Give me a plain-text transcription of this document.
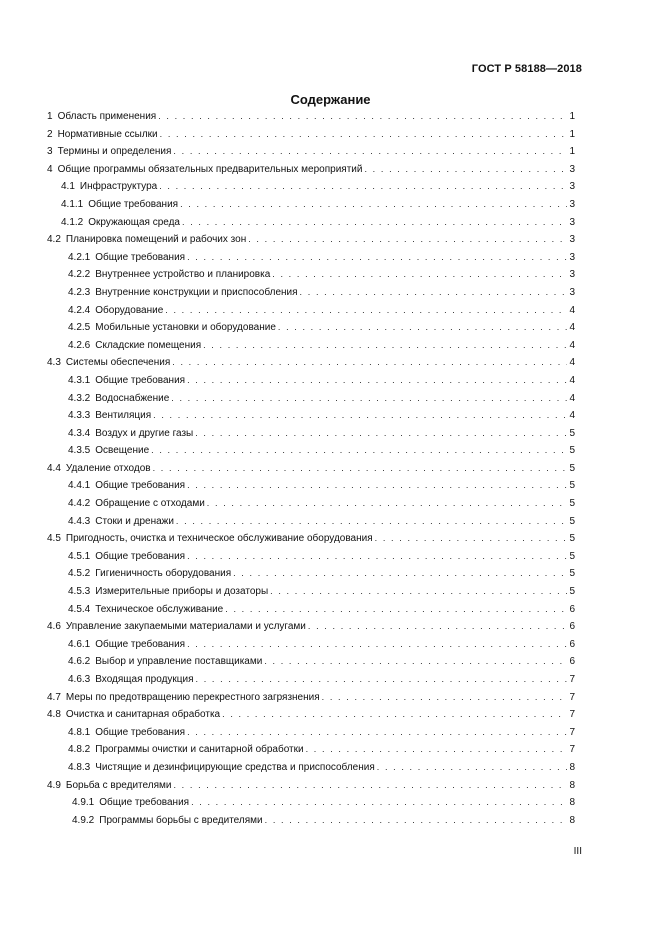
ГОСТ Р 58188—2018
Содержание
1 Область применения . . .	1
2 Нормативные ссылки . . .	1
3 Термины и определения . . .	1
4 Общие программы обязательных предварительных мероприятий . . .	3
4.1 Инфраструктура . . .	3
4.1.1 Общие требования . . .	3
4.1.2 Окружающая среда . . .	3
4.2 Планировка помещений и рабочих зон . . .	3
4.2.1 Общие требования . . .	3
4.2.2 Внутреннее устройство и планировка . . .	3
4.2.3 Внутренние конструкции и приспособления . . .	3
4.2.4 Оборудование . . .	4
4.2.5 Мобильные установки и оборудование . . .	4
4.2.6 Складские помещения . . .	4
4.3 Системы обеспечения . . .	4
4.3.1 Общие требования . . .	4
4.3.2 Водоснабжение . . .	4
4.3.3 Вентиляция . . .	4
4.3.4 Воздух и другие газы . . .	5
4.3.5 Освещение . . .	5
4.4 Удаление отходов . . .	5
4.4.1 Общие требования . . .	5
4.4.2 Обращение с отходами . . .	5
4.4.3 Стоки и дренажи . . .	5
4.5 Пригодность, очистка и техническое обслуживание оборудования . . .	5
4.5.1 Общие требования . . .	5
4.5.2 Гигиеничность оборудования . . .	5
4.5.3 Измерительные приборы и дозаторы . . .	5
4.5.4 Техническое обслуживание . . .	6
4.6 Управление закупаемыми материалами и услугами . . .	6
4.6.1 Общие требования . . .	6
4.6.2 Выбор и управление поставщиками . . .	6
4.6.3 Входящая продукция . . .	7
4.7 Меры по предотвращению перекрестного загрязнения . . .	7
4.8 Очистка и санитарная обработка . . .	7
4.8.1 Общие требования . . .	7
4.8.2 Программы очистки и санитарной обработки . . .	7
4.8.3 Чистящие и дезинфицирующие средства и приспособления . . .	8
4.9 Борьба с вредителями . . .	8
4.9.1 Общие требования . . .	8
4.9.2 Программы борьбы с вредителями . . .	8
III
